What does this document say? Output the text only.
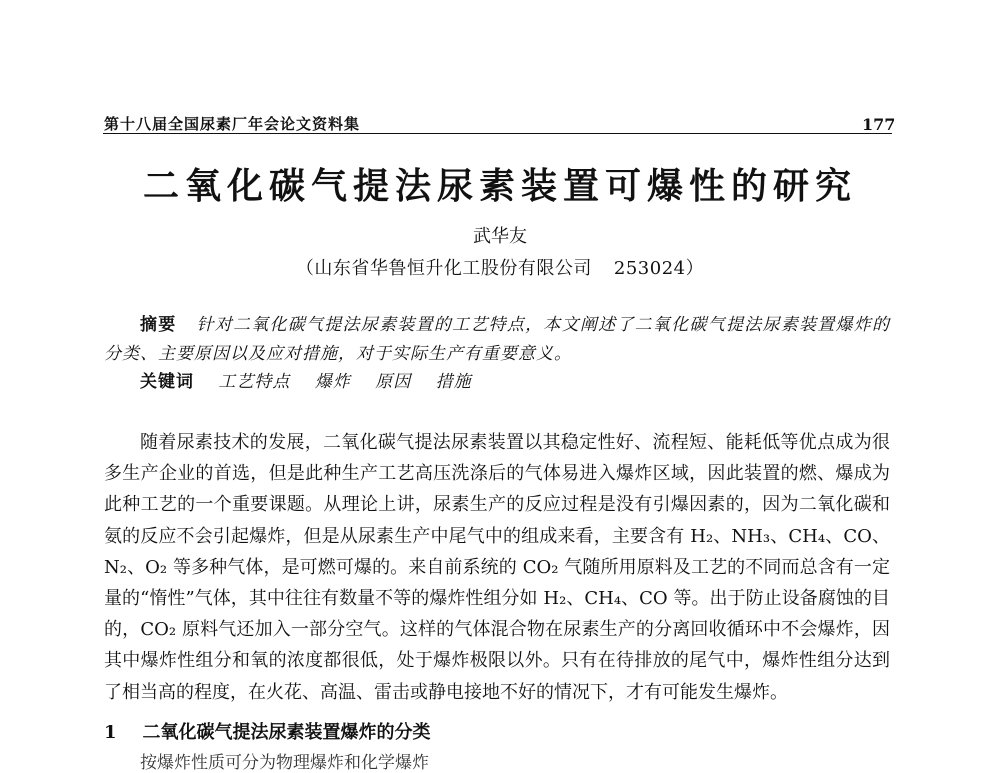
第十八届全国尿素厂年会论文资料集	177
二氧化碳气提法尿素装置可爆性的研究
武华友
（山东省华鲁恒升化工股份有限公司 253024）

摘要 针对二氧化碳气提法尿素装置的工艺特点，本文阐述了二氧化碳气提法尿素装置爆炸的分类、主要原因以及应对措施，对于实际生产有重要意义。

关键词 工艺特点 爆炸 原因 措施

随着尿素技术的发展，二氧化碳气提法尿素装置以其稳定性好、流程短、能耗低等优点成为很多生产企业的首选，但是此种生产工艺高压洗涤后的气体易进入爆炸区域，因此装置的燃、爆成为此种工艺的一个重要课题。从理论上讲，尿素生产的反应过程是没有引爆因素的，因为二氧化碳和氨的反应不会引起爆炸，但是从尿素生产中尾气中的组成来看，主要含有 H₂、NH₃、CH₄、CO、N₂、O₂ 等多种气体，是可燃可爆的。来自前系统的 CO₂ 气随所用原料及工艺的不同而总含有一定量的“惰性”气体，其中往往有数量不等的爆炸性组分如 H₂、CH₄、CO 等。出于防止设备腐蚀的目的，CO₂ 原料气还加入一部分空气。这样的气体混合物在尿素生产的分离回收循环中不会爆炸，因其中爆炸性组分和氧的浓度都很低，处于爆炸极限以外。只有在待排放的尾气中，爆炸性组分达到了相当高的程度，在火花、高温、雷击或静电接地不好的情况下，才有可能发生爆炸。

1 二氧化碳气提法尿素装置爆炸的分类
按爆炸性质可分为物理爆炸和化学爆炸
